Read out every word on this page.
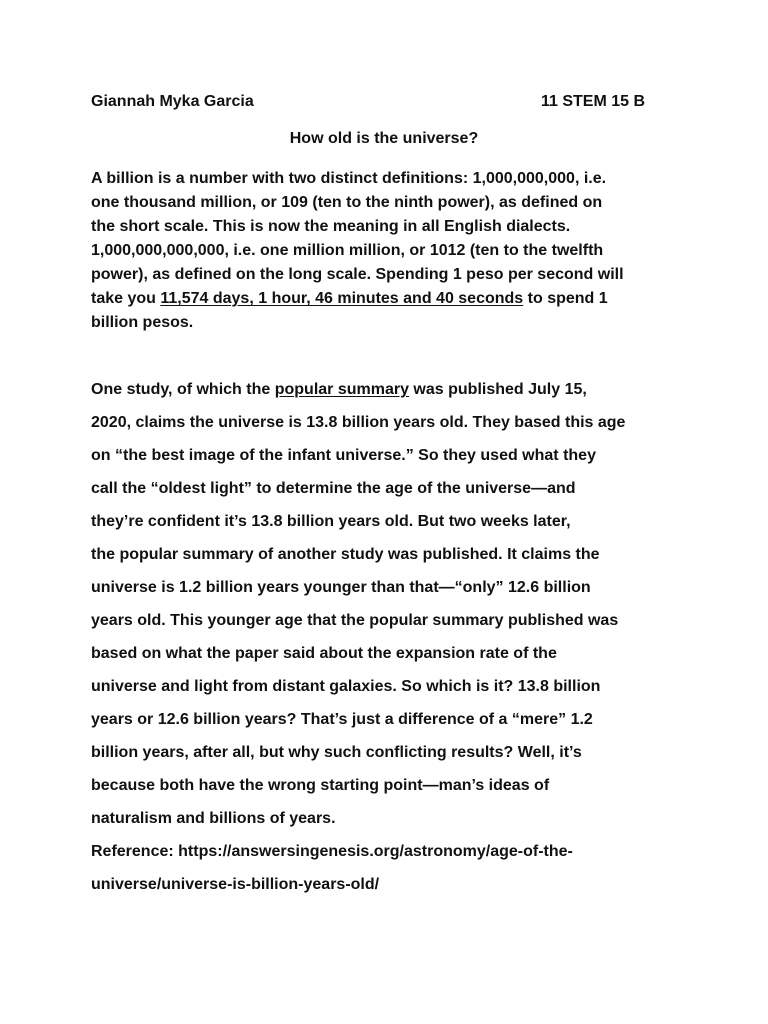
Giannah Myka Garcia	11 STEM 15 B
How old is the universe?
A billion is a number with two distinct definitions: 1,000,000,000, i.e.
one thousand million, or 109 (ten to the ninth power), as defined on
the short scale. This is now the meaning in all English dialects.
1,000,000,000,000, i.e. one million million, or 1012 (ten to the twelfth
power), as defined on the long scale. Spending 1 peso per second will
take you 11,574 days, 1 hour, 46 minutes and 40 seconds to spend 1
billion pesos.
One study, of which the popular summary was published July 15,
2020, claims the universe is 13.8 billion years old. They based this age
on “the best image of the infant universe.” So they used what they
call the “oldest light” to determine the age of the universe—and
they’re confident it’s 13.8 billion years old. But two weeks later,
the popular summary of another study was published. It claims the
universe is 1.2 billion years younger than that—“only” 12.6 billion
years old. This younger age that the popular summary published was
based on what the paper said about the expansion rate of the
universe and light from distant galaxies. So which is it? 13.8 billion
years or 12.6 billion years? That’s just a difference of a “mere” 1.2
billion years, after all, but why such conflicting results? Well, it’s
because both have the wrong starting point—man’s ideas of
naturalism and billions of years.
Reference: https://answersingenesis.org/astronomy/age-of-the-
universe/universe-is-billion-years-old/
